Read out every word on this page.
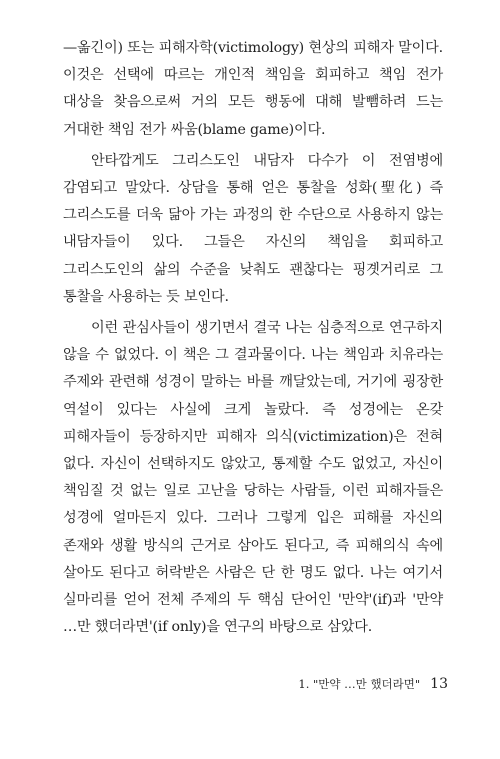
—옮긴이) 또는 피해자학(victimology) 현상의 피해자 말이다. 이것은 선택에 따르는 개인적 책임을 회피하고 책임 전가 대상을 찾음으로써 거의 모든 행동에 대해 발뺌하려 드는 거대한 책임 전가 싸움(blame game)이다.

안타깝게도 그리스도인 내담자 다수가 이 전염병에 감염되고 말았다. 상담을 통해 얻은 통찰을 성화(聖化) 즉 그리스도를 더욱 닮아 가는 과정의 한 수단으로 사용하지 않는 내담자들이 있다. 그들은 자신의 책임을 회피하고 그리스도인의 삶의 수준을 낮춰도 괜찮다는 핑곗거리로 그 통찰을 사용하는 듯 보인다.

이런 관심사들이 생기면서 결국 나는 심층적으로 연구하지 않을 수 없었다. 이 책은 그 결과물이다. 나는 책임과 치유라는 주제와 관련해 성경이 말하는 바를 깨달았는데, 거기에 굉장한 역설이 있다는 사실에 크게 놀랐다. 즉 성경에는 온갖 피해자들이 등장하지만 피해자 의식(victimization)은 전혀 없다. 자신이 선택하지도 않았고, 통제할 수도 없었고, 자신이 책임질 것 없는 일로 고난을 당하는 사람들, 이런 피해자들은 성경에 얼마든지 있다. 그러나 그렇게 입은 피해를 자신의 존재와 생활 방식의 근거로 삼아도 된다고, 즉 피해의식 속에 살아도 된다고 허락받은 사람은 단 한 명도 없다. 나는 여기서 실마리를 얻어 전체 주제의 두 핵심 단어인 '만약'(if)과 '만약 …만 했더라면'(if only)을 연구의 바탕으로 삼았다.

1. "만약 …만 했더라면" 13
